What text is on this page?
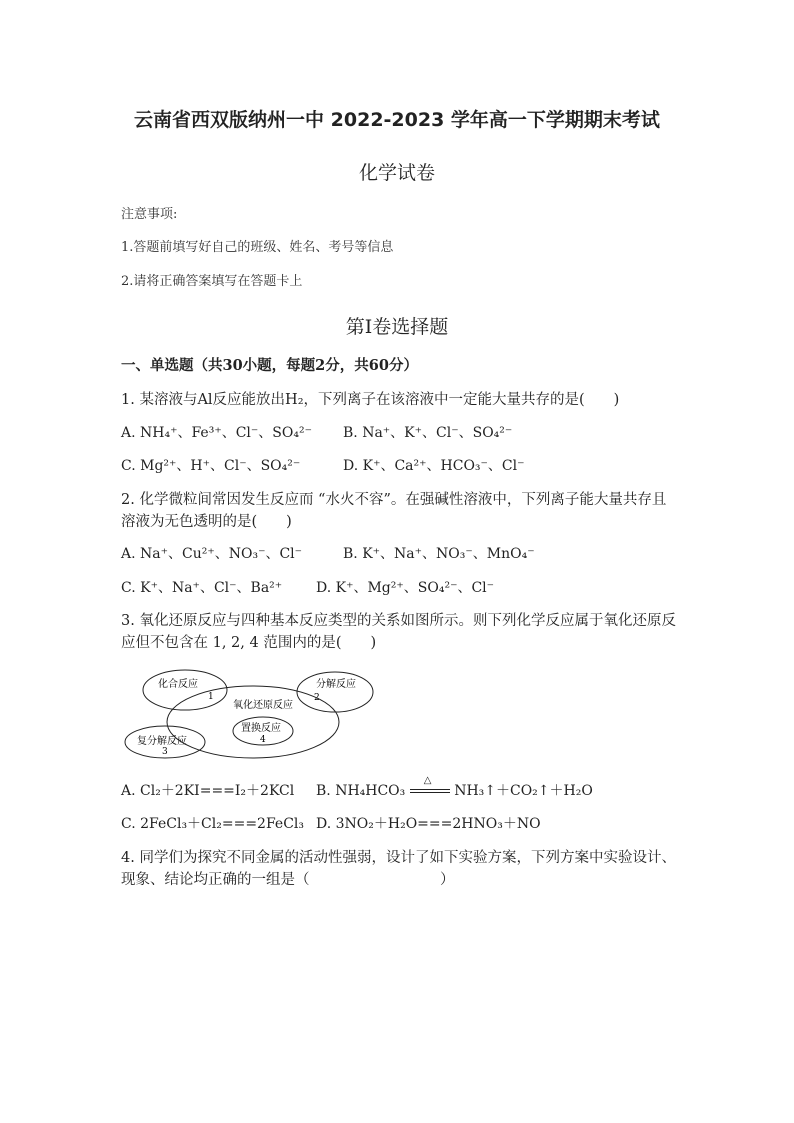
云南省西双版纳州一中 2022-2023 学年高一下学期期末考试
化学试卷
注意事项:
1.答题前填写好自己的班级、姓名、考号等信息
2.请将正确答案填写在答题卡上
第Ⅰ卷选择题
一、单选题（共30小题，每题2分，共60分）
1. 某溶液与Al反应能放出H₂，下列离子在该溶液中一定能大量共存的是(　　)
A. NH₄⁺、Fe³⁺、Cl⁻、SO₄²⁻ B. Na⁺、K⁺、Cl⁻、SO₄²⁻
C. Mg²⁺、H⁺、Cl⁻、SO₄²⁻	D. K⁺、Ca²⁺、HCO₃⁻、Cl⁻
2. 化学微粒间常因发生反应而 “水火不容”。在强碱性溶液中，下列离子能大量共存且
溶液为无色透明的是(　　)
A. Na⁺、Cu²⁺、NO₃⁻、Cl⁻	B. K⁺、Na⁺、NO₃⁻、MnO₄⁻
C. K⁺、Na⁺、Cl⁻、Ba²⁺ D. K⁺、Mg²⁺、SO₄²⁻、Cl⁻
3. 氧化还原反应与四种基本反应类型的关系如图所示。则下列化学反应属于氧化还原反
应但不包含在 1, 2, 4 范围内的是(　　)
化合反应
1
分解反应
2
氧化还原反应
置换反应
4
复分解反应
3
A. Cl₂＋2KI===I₂＋2KCl B. NH₄HCO₃
△
NH₃↑＋CO₂↑＋H₂O
C. 2FeCl₃＋Cl₂===2FeCl₃ D. 3NO₂＋H₂O===2HNO₃＋NO
4. 同学们为探究不同金属的活动性强弱，设计了如下实验方案，下列方案中实验设计、
现象、结论均正确的一组是（　　　　　　　　　）
